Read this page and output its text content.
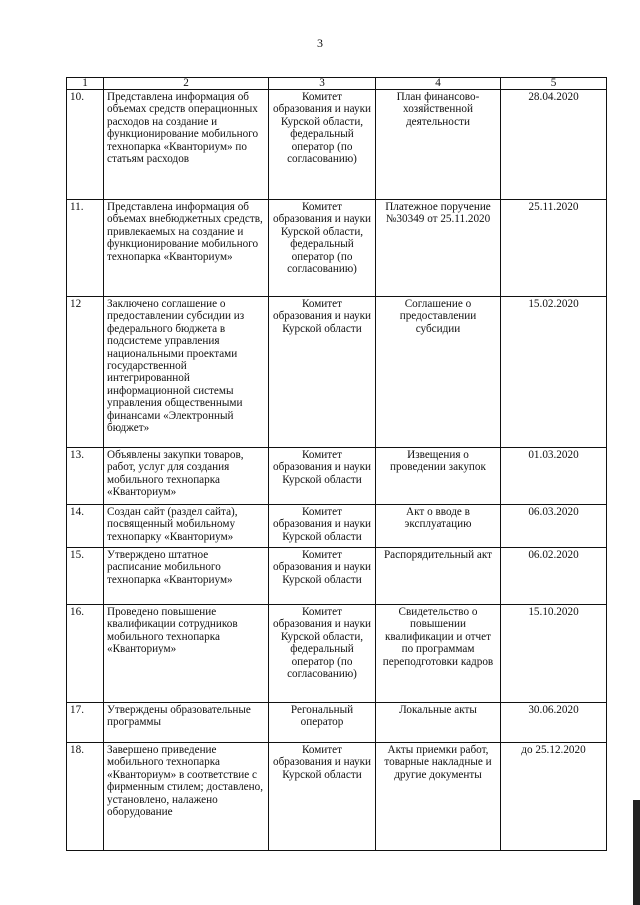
3
1	2	3	4	5
10.	Представлена информация об объемах средств операционных расходов на создание и функционирование мобильного технопарка «Кванториум» по статьям расходов	Комитет образования и науки Курской области, федеральный оператор (по согласованию)	План финансово-хозяйственной деятельности	28.04.2020
11.	Представлена информация об объемах внебюджетных средств, привлекаемых на создание и функционирование мобильного технопарка «Кванториум»	Комитет образования и науки Курской области, федеральный оператор (по согласованию)	Платежное поручение №30349 от 25.11.2020	25.11.2020
12	Заключено соглашение о предоставлении субсидии из федерального бюджета в подсистеме управления национальными проектами государственной интегрированной информационной системы управления общественными финансами «Электронный бюджет»	Комитет образования и науки Курской области	Соглашение о предоставлении субсидии	15.02.2020
13.	Объявлены закупки товаров, работ, услуг для создания мобильного технопарка «Кванториум»	Комитет образования и науки Курской области	Извещения о проведении закупок	01.03.2020
14.	Создан сайт (раздел сайта), посвященный мобильному технопарку «Кванториум»	Комитет образования и науки Курской области	Акт о вводе в эксплуатацию	06.03.2020
15.	Утверждено штатное расписание мобильного технопарка «Кванториум»	Комитет образования и науки Курской области	Распорядительный акт	06.02.2020
16.	Проведено повышение квалификации сотрудников мобильного технопарка «Кванториум»	Комитет образования и науки Курской области, федеральный оператор (по согласованию)	Свидетельство о повышении квалификации и отчет по программам переподготовки кадров	15.10.2020
17.	Утверждены образовательные программы	Регональный оператор	Локальные акты	30.06.2020
18.	Завершено приведение мобильного технопарка «Кванториум» в соответствие с фирменным стилем; доставлено, установлено, налажено оборудование	Комитет образования и науки Курской области	Акты приемки работ, товарные накладные и другие документы	до 25.12.2020
